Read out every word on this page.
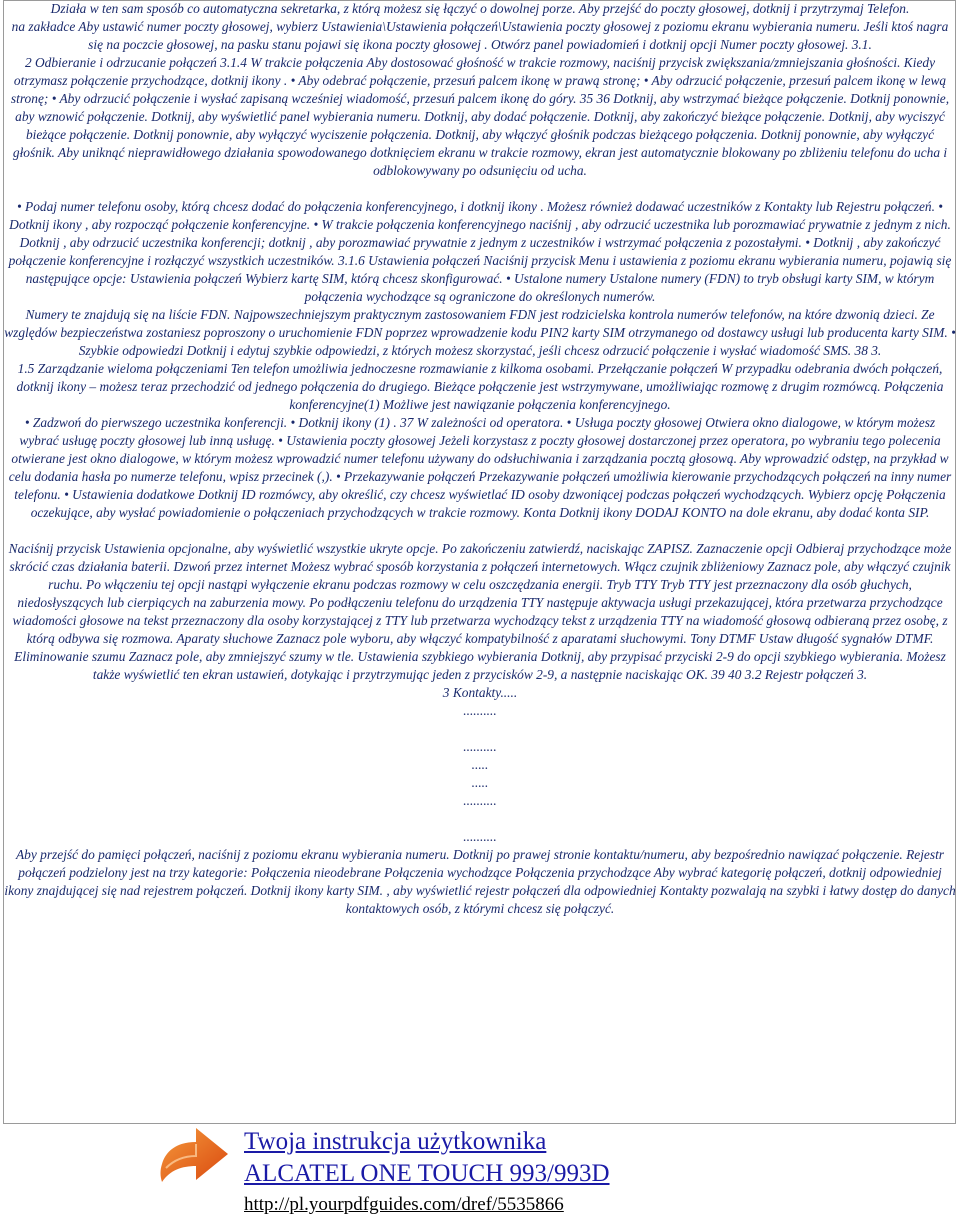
Działa w ten sam sposób co automatyczna sekretarka, z którą możesz się łączyć o dowolnej porze. Aby przejść do poczty głosowej, dotknij i przytrzymaj Telefon.

na zakładce Aby ustawić numer poczty głosowej, wybierz Ustawienia\Ustawienia połączeń\Ustawienia poczty głosowej z poziomu ekranu wybierania numeru. Jeśli ktoś nagra się na poczcie głosowej, na pasku stanu pojawi się ikona poczty głosowej . Otwórz panel powiadomień i dotknij opcji Numer poczty głosowej. 3.1.

2 Odbieranie i odrzucanie połączeń 3.1.4 W trakcie połączenia Aby dostosować głośność w trakcie rozmowy, naciśnij przycisk zwiększania/zmniejszania głośności. Kiedy otrzymasz połączenie przychodzące, dotknij ikony . • Aby odebrać połączenie, przesuń palcem ikonę w prawą stronę; • Aby odrzucić połączenie, przesuń palcem ikonę w lewą stronę; • Aby odrzucić połączenie i wysłać zapisaną wcześniej wiadomość, przesuń palcem ikonę do góry. 35 36 Dotknij, aby wstrzymać bieżące połączenie. Dotknij ponownie, aby wznowić połączenie. Dotknij, aby wyświetlić panel wybierania numeru. Dotknij, aby dodać połączenie. Dotknij, aby zakończyć bieżące połączenie. Dotknij, aby wyciszyć bieżące połączenie. Dotknij ponownie, aby wyłączyć wyciszenie połączenia. Dotknij, aby włączyć głośnik podczas bieżącego połączenia. Dotknij ponownie, aby wyłączyć głośnik. Aby uniknąć nieprawidłowego działania spowodowanego dotknięciem ekranu w trakcie rozmowy, ekran jest automatycznie blokowany po zbliżeniu telefonu do ucha i odblokowywany po odsunięciu od ucha.

• Podaj numer telefonu osoby, którą chcesz dodać do połączenia konferencyjnego, i dotknij ikony . Możesz również dodawać uczestników z Kontakty lub Rejestru połączeń. • Dotknij ikony , aby rozpocząć połączenie konferencyjne. • W trakcie połączenia konferencyjnego naciśnij , aby odrzucić uczestnika lub porozmawiać prywatnie z jednym z nich. Dotknij , aby odrzucić uczestnika konferencji; dotknij , aby porozmawiać prywatnie z jednym z uczestników i wstrzymać połączenia z pozostałymi. • Dotknij , aby zakończyć połączenie konferencyjne i rozłączyć wszystkich uczestników. 3.1.6 Ustawienia połączeń Naciśnij przycisk Menu i ustawienia z poziomu ekranu wybierania numeru, pojawią się następujące opcje: Ustawienia połączeń Wybierz kartę SIM, którą chcesz skonfigurować. • Ustalone numery Ustalone numery (FDN) to tryb obsługi karty SIM, w którym połączenia wychodzące są ograniczone do określonych numerów.

Numery te znajdują się na liście FDN. Najpowszechniejszym praktycznym zastosowaniem FDN jest rodzicielska kontrola numerów telefonów, na które dzwonią dzieci. Ze względów bezpieczeństwa zostaniesz poproszony o uruchomienie FDN poprzez wprowadzenie kodu PIN2 karty SIM otrzymanego od dostawcy usługi lub producenta karty SIM. • Szybkie odpowiedzi Dotknij i edytuj szybkie odpowiedzi, z których możesz skorzystać, jeśli chcesz odrzucić połączenie i wysłać wiadomość SMS. 38 3.

1.5 Zarządzanie wieloma połączeniami Ten telefon umożliwia jednoczesne rozmawianie z kilkoma osobami. Przełączanie połączeń W przypadku odebrania dwóch połączeń, dotknij ikony – możesz teraz przechodzić od jednego połączenia do drugiego. Bieżące połączenie jest wstrzymywane, umożliwiając rozmowę z drugim rozmówcą. Połączenia konferencyjne(1) Możliwe jest nawiązanie połączenia konferencyjnego.

• Zadzwoń do pierwszego uczestnika konferencji. • Dotknij ikony (1) . 37 W zależności od operatora. • Usługa poczty głosowej Otwiera okno dialogowe, w którym możesz wybrać usługę poczty głosowej lub inną usługę. • Ustawienia poczty głosowej Jeżeli korzystasz z poczty głosowej dostarczonej przez operatora, po wybraniu tego polecenia otwierane jest okno dialogowe, w którym możesz wprowadzić numer telefonu używany do odsłuchiwania i zarządzania pocztą głosową. Aby wprowadzić odstęp, na przykład w celu dodania hasła po numerze telefonu, wpisz przecinek (,). • Przekazywanie połączeń Przekazywanie połączeń umożliwia kierowanie przychodzących połączeń na inny numer telefonu. • Ustawienia dodatkowe Dotknij ID rozmówcy, aby określić, czy chcesz wyświetlać ID osoby dzwoniącej podczas połączeń wychodzących. Wybierz opcję Połączenia oczekujące, aby wysłać powiadomienie o połączeniach przychodzących w trakcie rozmowy. Konta Dotknij ikony DODAJ KONTO na dole ekranu, aby dodać konta SIP.

Naciśnij przycisk Ustawienia opcjonalne, aby wyświetlić wszystkie ukryte opcje. Po zakończeniu zatwierdź, naciskając ZAPISZ. Zaznaczenie opcji Odbieraj przychodzące może skrócić czas działania baterii. Dzwoń przez internet Możesz wybrać sposób korzystania z połączeń internetowych. Włącz czujnik zbliżeniowy Zaznacz pole, aby włączyć czujnik ruchu. Po włączeniu tej opcji nastąpi wyłączenie ekranu podczas rozmowy w celu oszczędzania energii. Tryb TTY Tryb TTY jest przeznaczony dla osób głuchych, niedosłyszących lub cierpiących na zaburzenia mowy. Po podłączeniu telefonu do urządzenia TTY następuje aktywacja usługi przekazującej, która przetwarza przychodzące wiadomości głosowe na tekst przeznaczony dla osoby korzystającej z TTY lub przetwarza wychodzący tekst z urządzenia TTY na wiadomość głosową odbieraną przez osobę, z którą odbywa się rozmowa. Aparaty słuchowe Zaznacz pole wyboru, aby włączyć kompatybilność z aparatami słuchowymi. Tony DTMF Ustaw długość sygnałów DTMF.

Eliminowanie szumu Zaznacz pole, aby zmniejszyć szumy w tle. Ustawienia szybkiego wybierania Dotknij, aby przypisać przyciski 2-9 do opcji szybkiego wybierania. Możesz także wyświetlić ten ekran ustawień, dotykając i przytrzymując jeden z przycisków 2-9, a następnie naciskając OK. 39 40 3.2 Rejestr połączeń 3.

3 Kontakty.....

..........

..........

.....

.....

..........

..........

Aby przejść do pamięci połączeń, naciśnij z poziomu ekranu wybierania numeru. Dotknij po prawej stronie kontaktu/numeru, aby bezpośrednio nawiązać połączenie. Rejestr połączeń podzielony jest na trzy kategorie: Połączenia nieodebrane Połączenia wychodzące Połączenia przychodzące Aby wybrać kategorię połączeń, dotknij odpowiedniej ikony znajdującej się nad rejestrem połączeń. Dotknij ikony karty SIM. , aby wyświetlić rejestr połączeń dla odpowiedniej Kontakty pozwalają na szybki i łatwy dostęp do danych kontaktowych osób, z którymi chcesz się połączyć.

Twoja instrukcja użytkownika
ALCATEL ONE TOUCH 993/993D
http://pl.yourpdfguides.com/dref/5535866
